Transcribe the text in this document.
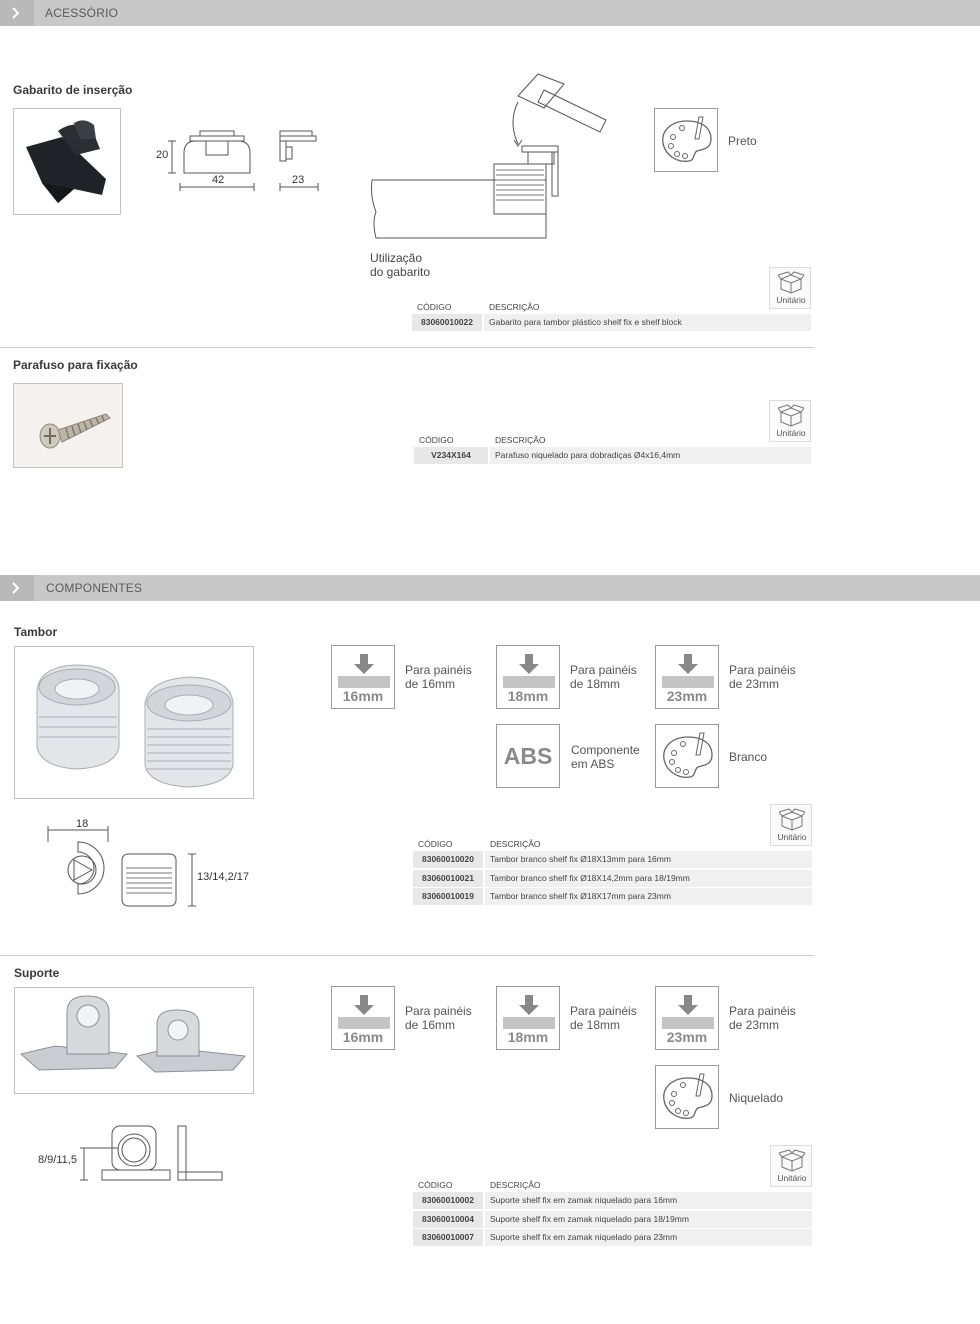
ACESSÓRIO
Gabarito de inserção
20
42	23
Utilização
do gabarito
Preto
Unitário
CÓDIGO	DESCRIÇÃO
83060010022	Gabarito para tambor plástico shelf fix e shelf block
Parafuso para fixação
Unitário
CÓDIGO	DESCRIÇÃO
V234X164	Parafuso niquelado para dobradiças Ø4x16,4mm
COMPONENTES
Tambor
16mm
Para painéis
de 16mm
18mm
Para painéis
de 18mm
23mm
Para painéis
de 23mm
ABS	Componente
em ABS	Branco
18
13/14,2/17
Unitário
CÓDIGO	DESCRIÇÃO
83060010020	Tambor branco shelf fix Ø18X13mm para 16mm
83060010021	Tambor branco shelf fix Ø18X14,2mm para 18/19mm
83060010019	Tambor branco shelf fix Ø18X17mm para 23mm
Suporte
16mm
Para painéis
de 16mm
18mm
Para painéis
de 18mm
23mm
Para painéis
de 23mm
Niquelado
8/9/11,5
Unitário
CÓDIGO	DESCRIÇÃO
83060010002	Suporte shelf fix em zamak niquelado para 16mm
83060010004	Suporte shelf fix em zamak niquelado para 18/19mm
83060010007	Suporte shelf fix em zamak niquelado para 23mm
